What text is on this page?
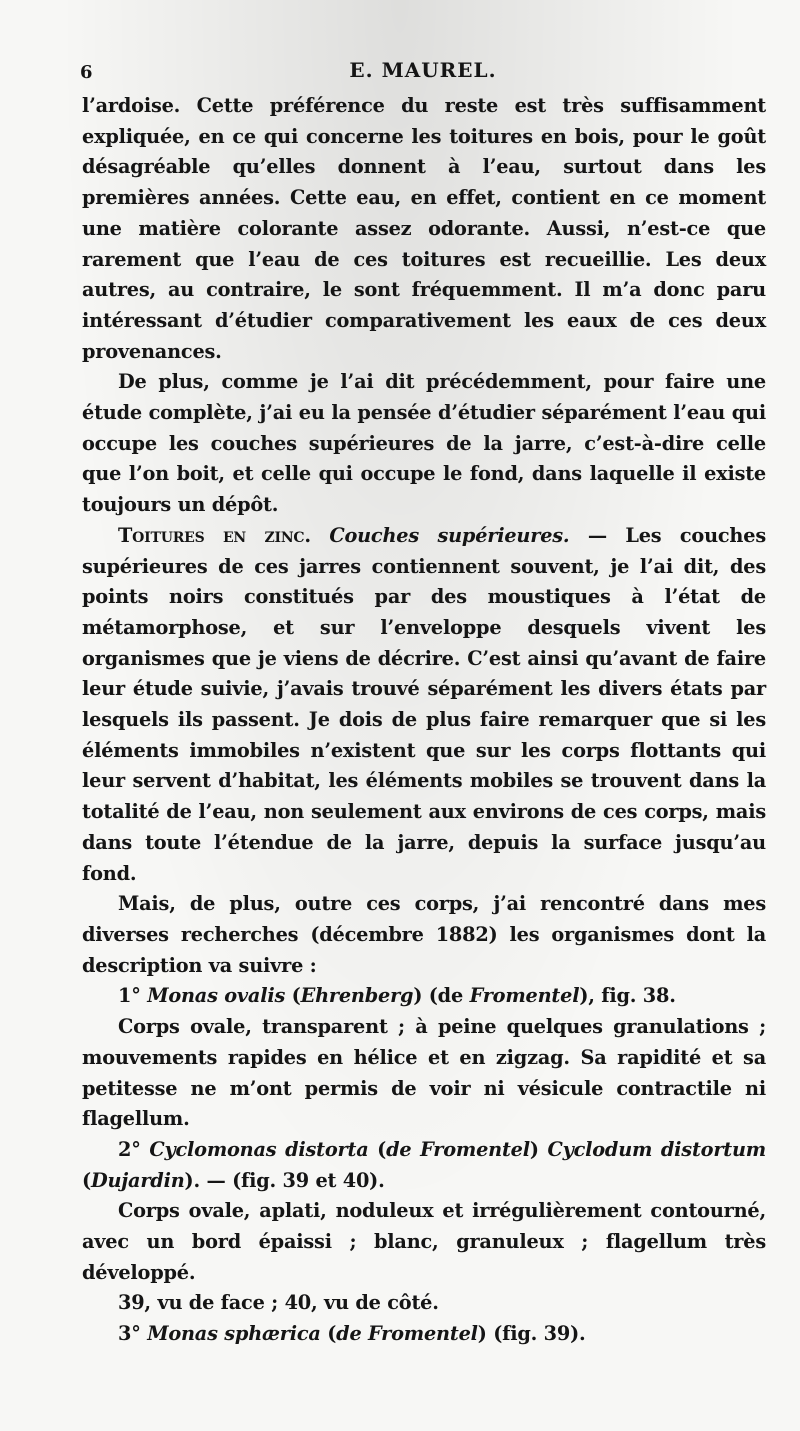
6	E. MAUREL.

l’ardoise. Cette préférence du reste est très suffisamment expliquée, en ce qui concerne les toitures en bois, pour le goût désagréable qu’elles donnent à l’eau, surtout dans les premières années. Cette eau, en effet, contient en ce moment une matière colorante assez odorante. Aussi, n’est-ce que rarement que l’eau de ces toitures est recueillie. Les deux autres, au contraire, le sont fréquemment. Il m’a donc paru intéressant d’étudier comparativement les eaux de ces deux provenances.

De plus, comme je l’ai dit précédemment, pour faire une étude complète, j’ai eu la pensée d’étudier séparément l’eau qui occupe les couches supérieures de la jarre, c’est-à-dire celle que l’on boit, et celle qui occupe le fond, dans laquelle il existe toujours un dépôt.

Toitures en zinc. Couches supérieures. — Les couches supérieures de ces jarres contiennent souvent, je l’ai dit, des points noirs constitués par des moustiques à l’état de métamorphose, et sur l’enveloppe desquels vivent les organismes que je viens de décrire. C’est ainsi qu’avant de faire leur étude suivie, j’avais trouvé séparément les divers états par lesquels ils passent. Je dois de plus faire remarquer que si les éléments immobiles n’existent que sur les corps flottants qui leur servent d’habitat, les éléments mobiles se trouvent dans la totalité de l’eau, non seulement aux environs de ces corps, mais dans toute l’étendue de la jarre, depuis la surface jusqu’au fond.

Mais, de plus, outre ces corps, j’ai rencontré dans mes diverses recherches (décembre 1882) les organismes dont la description va suivre :

1° Monas ovalis (Ehrenberg) (de Fromentel), fig. 38.

Corps ovale, transparent ; à peine quelques granulations ; mouvements rapides en hélice et en zigzag. Sa rapidité et sa petitesse ne m’ont permis de voir ni vésicule contractile ni flagellum.

2° Cyclomonas distorta (de Fromentel) Cyclodum distortum (Dujardin). — (fig. 39 et 40).

Corps ovale, aplati, noduleux et irrégulièrement contourné, avec un bord épaissi ; blanc, granuleux ; flagellum très développé.

39, vu de face ; 40, vu de côté.

3° Monas sphærica (de Fromentel) (fig. 39).
